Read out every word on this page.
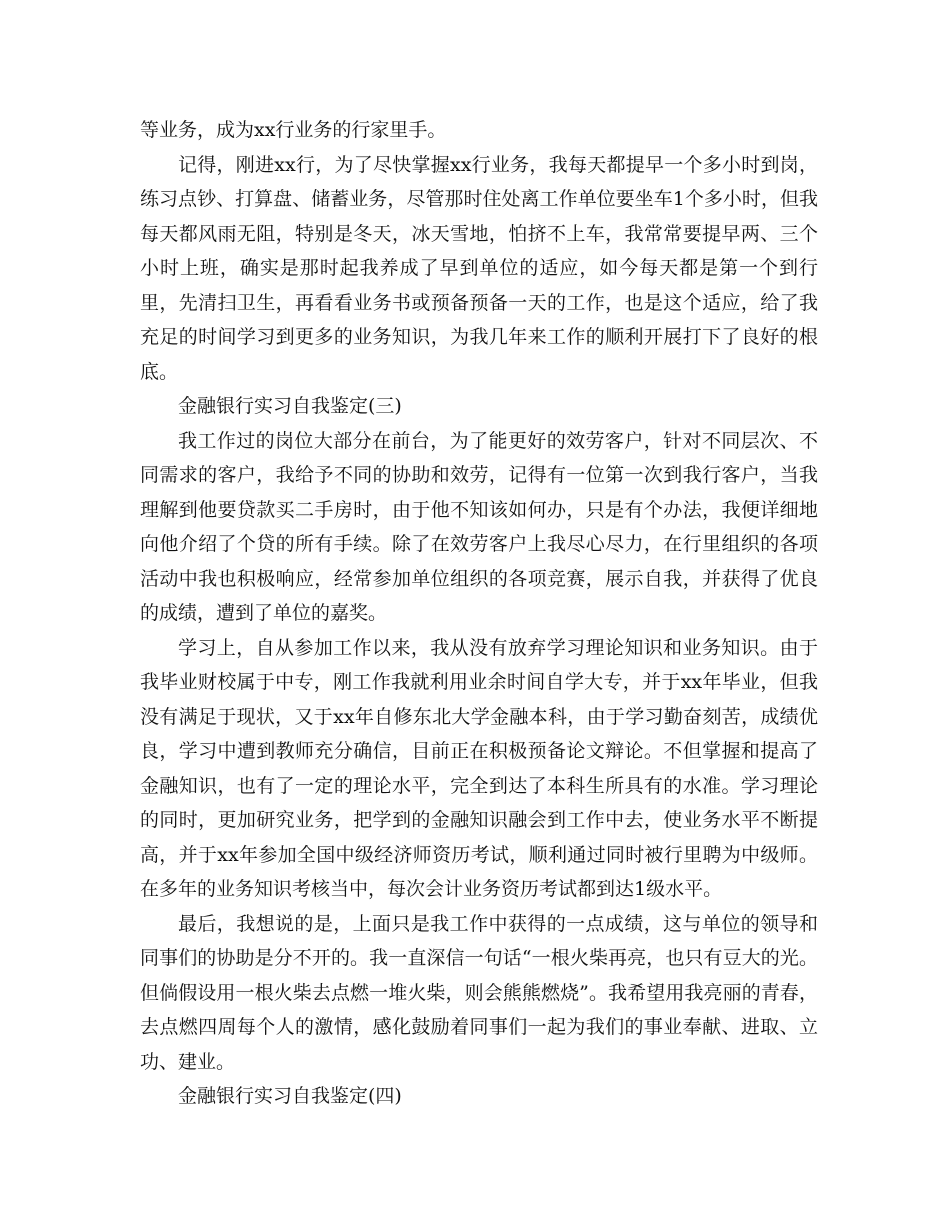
等业务，成为xx行业务的行家里手。

记得，刚进xx行，为了尽快掌握xx行业务，我每天都提早一个多小时到岗，练习点钞、打算盘、储蓄业务，尽管那时住处离工作单位要坐车1个多小时，但我每天都风雨无阻，特别是冬天，冰天雪地，怕挤不上车，我常常要提早两、三个小时上班，确实是那时起我养成了早到单位的适应，如今每天都是第一个到行里，先清扫卫生，再看看业务书或预备预备一天的工作，也是这个适应，给了我充足的时间学习到更多的业务知识，为我几年来工作的顺利开展打下了良好的根底。

金融银行实习自我鉴定(三)

我工作过的岗位大部分在前台，为了能更好的效劳客户，针对不同层次、不同需求的客户，我给予不同的协助和效劳，记得有一位第一次到我行客户，当我理解到他要贷款买二手房时，由于他不知该如何办，只是有个办法，我便详细地向他介绍了个贷的所有手续。除了在效劳客户上我尽心尽力，在行里组织的各项活动中我也积极响应，经常参加单位组织的各项竞赛，展示自我，并获得了优良的成绩，遭到了单位的嘉奖。

学习上，自从参加工作以来，我从没有放弃学习理论知识和业务知识。由于我毕业财校属于中专，刚工作我就利用业余时间自学大专，并于xx年毕业，但我没有满足于现状，又于xx年自修东北大学金融本科，由于学习勤奋刻苦，成绩优良，学习中遭到教师充分确信，目前正在积极预备论文辩论。不但掌握和提高了金融知识，也有了一定的理论水平，完全到达了本科生所具有的水准。学习理论的同时，更加研究业务，把学到的金融知识融会到工作中去，使业务水平不断提高，并于xx年参加全国中级经济师资历考试，顺利通过同时被行里聘为中级师。在多年的业务知识考核当中，每次会计业务资历考试都到达1级水平。

最后，我想说的是，上面只是我工作中获得的一点成绩，这与单位的领导和同事们的协助是分不开的。我一直深信一句话“一根火柴再亮，也只有豆大的光。但倘假设用一根火柴去点燃一堆火柴，则会熊熊燃烧”。我希望用我亮丽的青春，去点燃四周每个人的激情，感化鼓励着同事们一起为我们的事业奉献、进取、立功、建业。

金融银行实习自我鉴定(四)
